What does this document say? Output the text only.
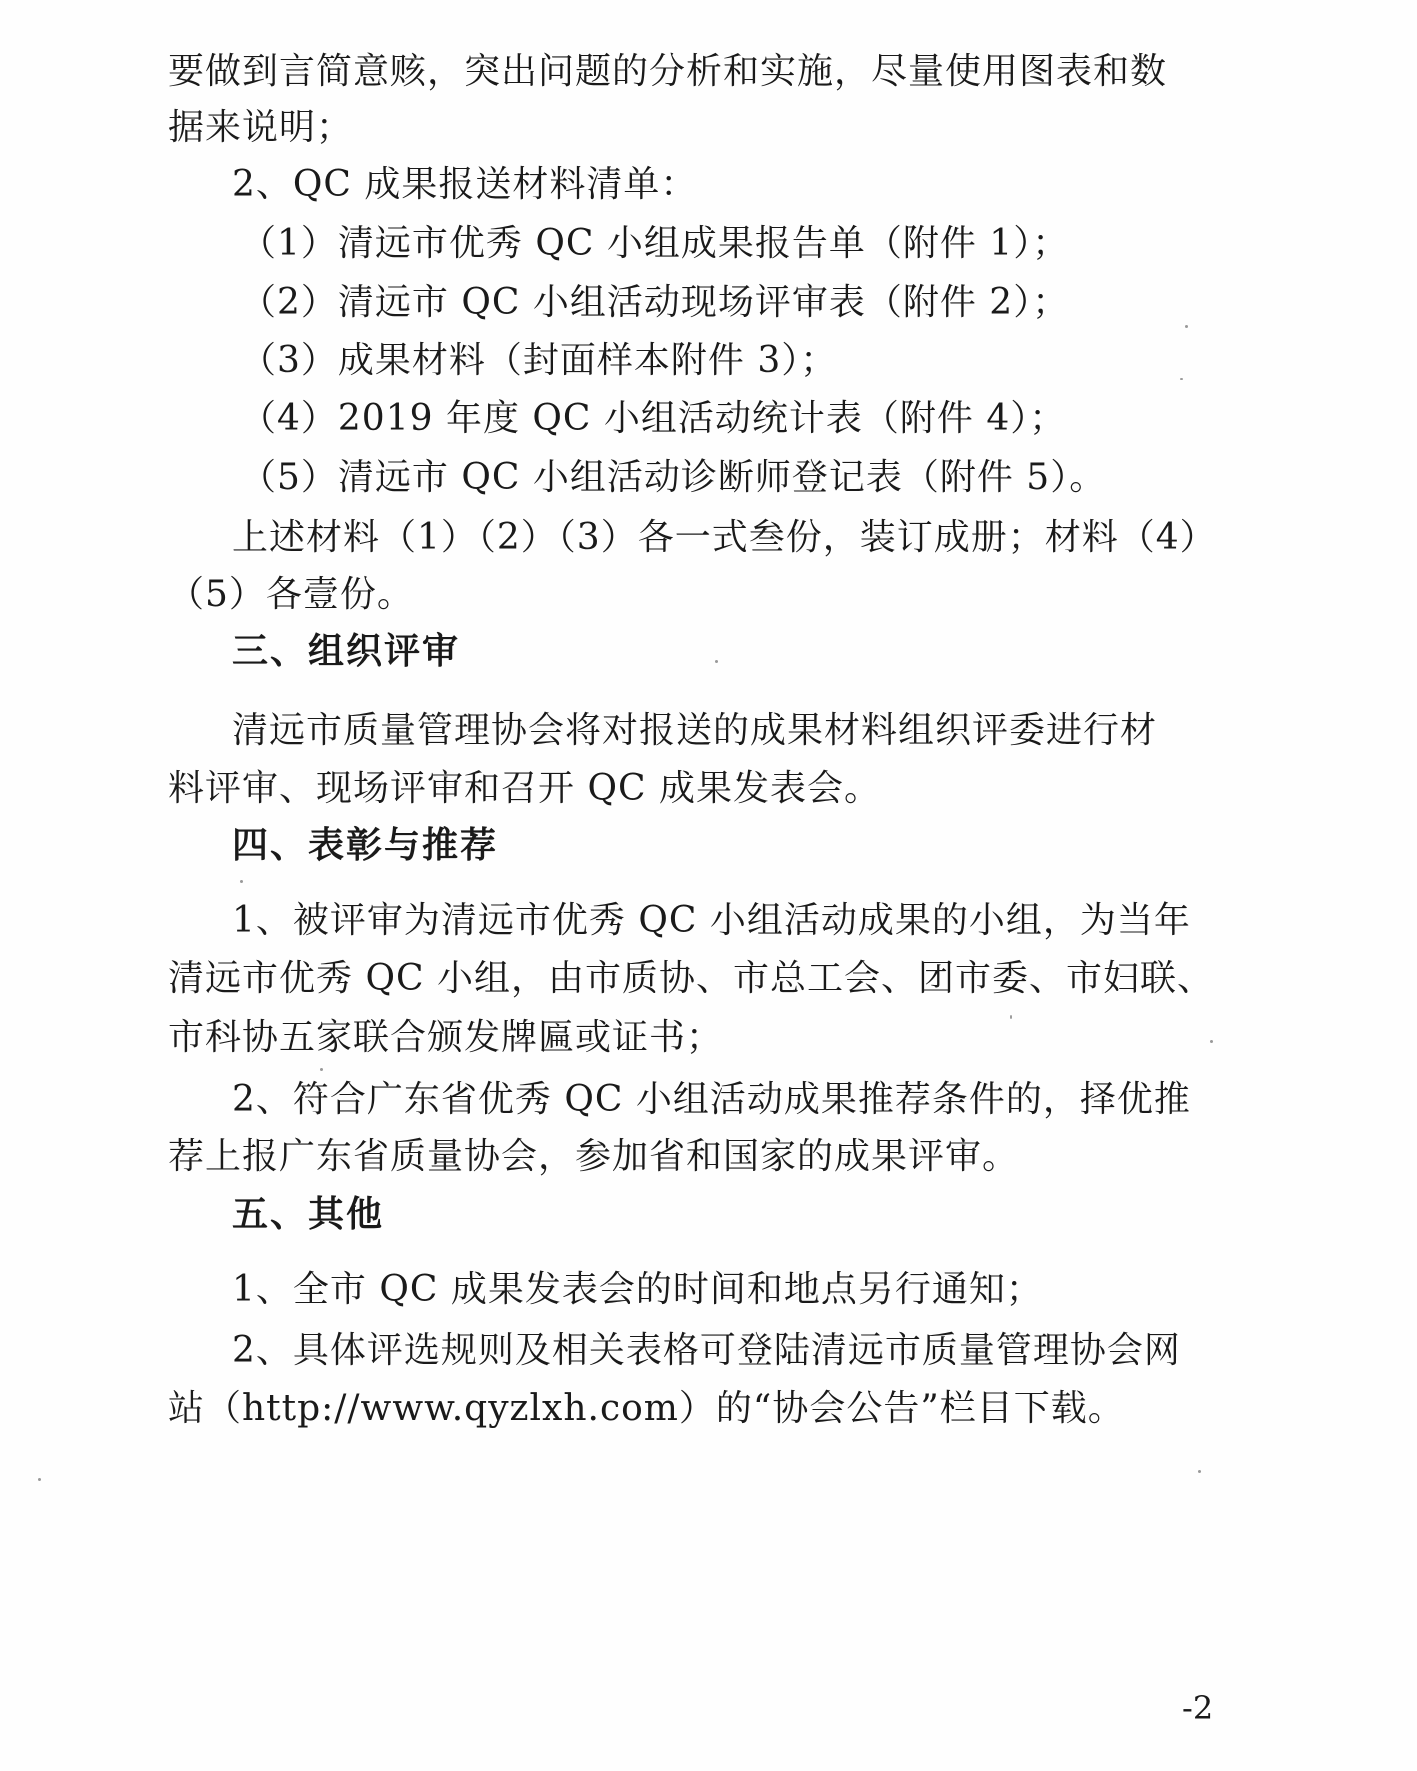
要做到言简意赅，突出问题的分析和实施，尽量使用图表和数
据来说明；
2、QC 成果报送材料清单：
（1）清远市优秀 QC 小组成果报告单（附件 1）；
（2）清远市 QC 小组活动现场评审表（附件 2）；
（3）成果材料（封面样本附件 3）；
（4）2019 年度 QC 小组活动统计表（附件 4）；
（5）清远市 QC 小组活动诊断师登记表（附件 5）。
上述材料（1）（2）（3）各一式叁份，装订成册；材料（4）
（5）各壹份。
三、组织评审
清远市质量管理协会将对报送的成果材料组织评委进行材
料评审、现场评审和召开 QC 成果发表会。
四、表彰与推荐
1、被评审为清远市优秀 QC 小组活动成果的小组，为当年
清远市优秀 QC 小组，由市质协、市总工会、团市委、市妇联、
市科协五家联合颁发牌匾或证书；
2、符合广东省优秀 QC 小组活动成果推荐条件的，择优推
荐上报广东省质量协会，参加省和国家的成果评审。
五、其他
1、全市 QC 成果发表会的时间和地点另行通知；
2、具体评选规则及相关表格可登陆清远市质量管理协会网
站（http://www.qyzlxh.com）的“协会公告”栏目下载。
-2
